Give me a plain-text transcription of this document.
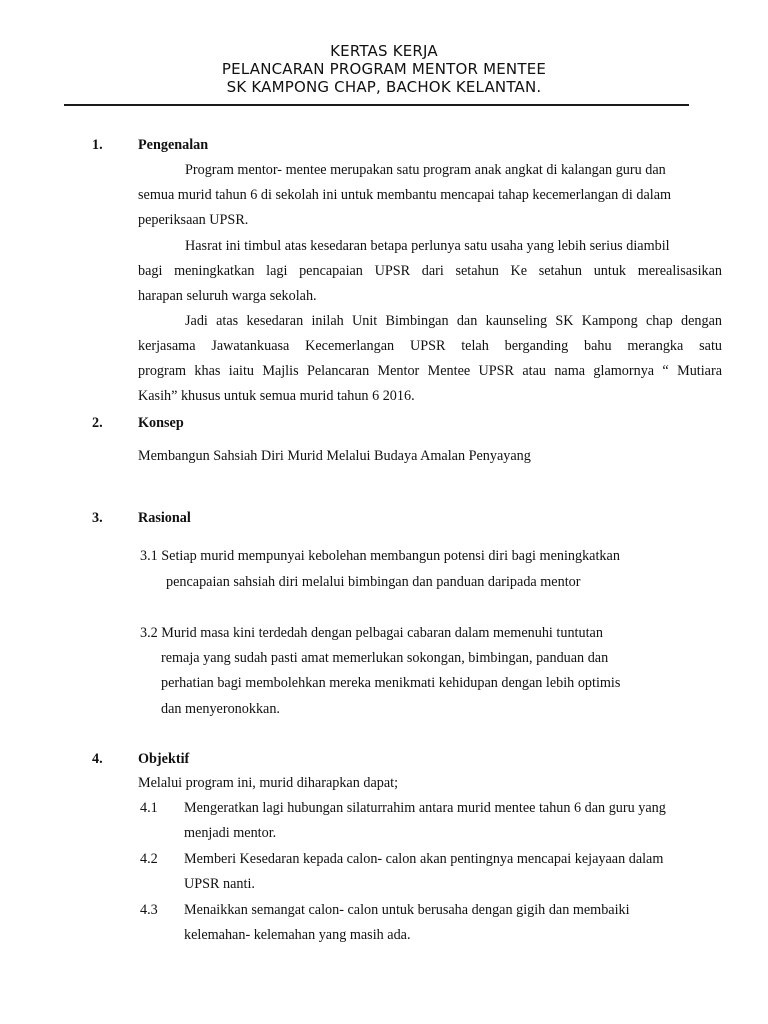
KERTAS KERJA
PELANCARAN PROGRAM MENTOR MENTEE
SK KAMPONG CHAP, BACHOK KELANTAN.
1. Pengenalan
Program mentor- mentee merupakan satu program anak angkat di kalangan guru dan
semua murid tahun 6 di sekolah ini untuk membantu mencapai tahap kecemerlangan di dalam
peperiksaan UPSR.
Hasrat ini timbul atas kesedaran betapa perlunya satu usaha yang lebih serius diambil
bagi meningkatkan lagi pencapaian UPSR dari setahun Ke setahun untuk merealisasikan
harapan seluruh warga sekolah.
Jadi atas kesedaran inilah Unit Bimbingan dan kaunseling SK Kampong chap dengan
kerjasama Jawatankuasa Kecemerlangan UPSR telah berganding bahu merangka satu
program khas iaitu Majlis Pelancaran Mentor Mentee UPSR atau nama glamornya “ Mutiara
Kasih” khusus untuk semua murid tahun 6 2016.
2. Konsep
Membangun Sahsiah Diri Murid Melalui Budaya Amalan Penyayang
3. Rasional
3.1 Setiap murid mempunyai kebolehan membangun potensi diri bagi meningkatkan
pencapaian sahsiah diri melalui bimbingan dan panduan daripada mentor
3.2 Murid masa kini terdedah dengan pelbagai cabaran dalam memenuhi tuntutan
remaja yang sudah pasti amat memerlukan sokongan, bimbingan, panduan dan
perhatian bagi membolehkan mereka menikmati kehidupan dengan lebih optimis
dan menyeronokkan.
4. Objektif
Melalui program ini, murid diharapkan dapat;
4.1 Mengeratkan lagi hubungan silaturrahim antara murid mentee tahun 6 dan guru yang
menjadi mentor.
4.2 Memberi Kesedaran kepada calon- calon akan pentingnya mencapai kejayaan dalam
UPSR nanti.
4.3 Menaikkan semangat calon- calon untuk berusaha dengan gigih dan membaiki
kelemahan- kelemahan yang masih ada.
